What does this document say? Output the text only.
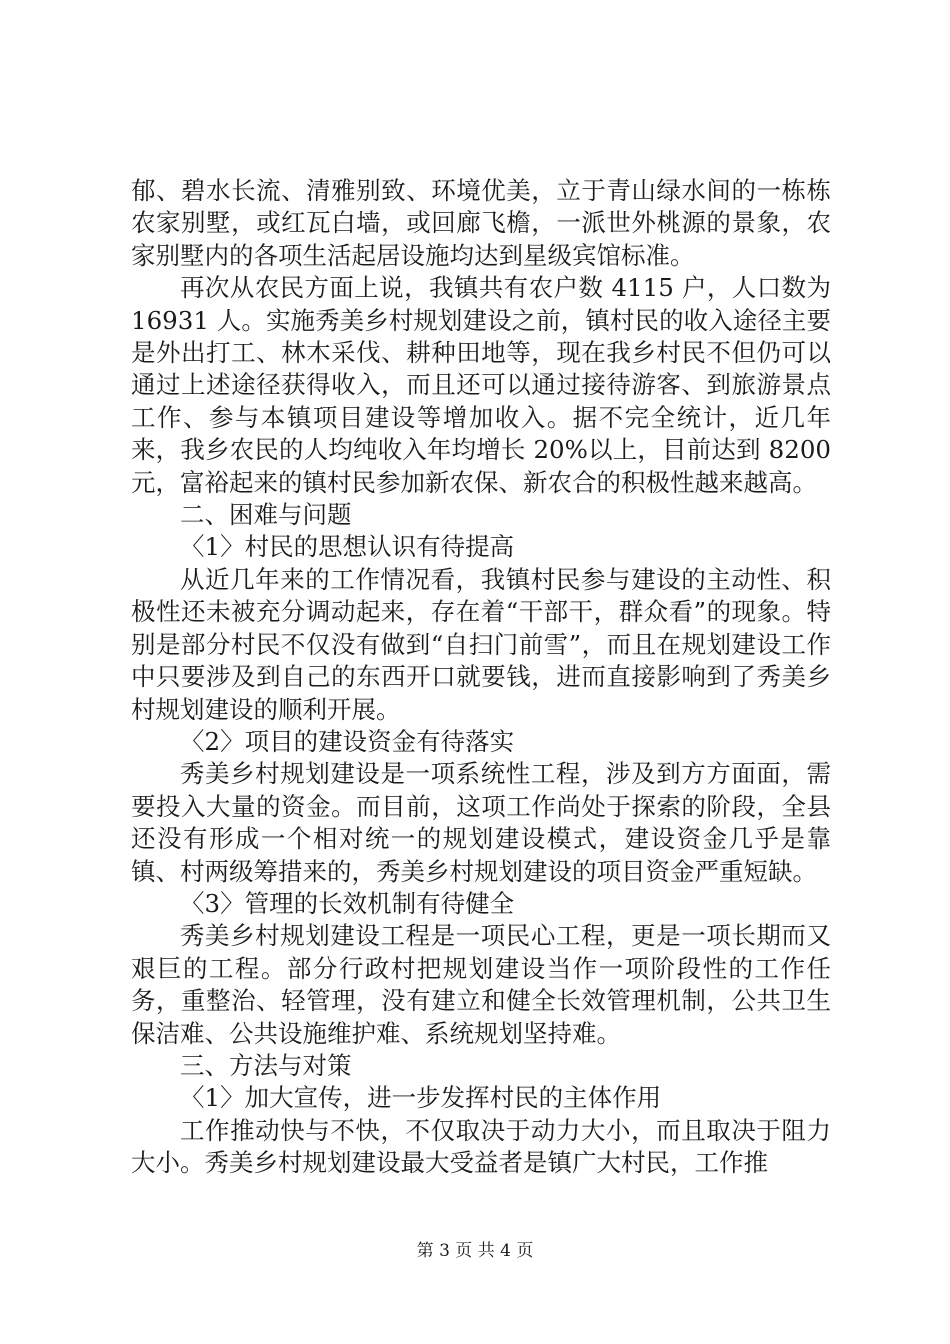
郁、碧水长流、清雅别致、环境优美，立于青山绿水间的一栋栋农家别墅，或红瓦白墙，或回廊飞檐，一派世外桃源的景象，农家别墅内的各项生活起居设施均达到星级宾馆标准。

再次从农民方面上说，我镇共有农户数 4115 户，人口数为 16931 人。实施秀美乡村规划建设之前，镇村民的收入途径主要是外出打工、林木采伐、耕种田地等，现在我乡村民不但仍可以通过上述途径获得收入，而且还可以通过接待游客、到旅游景点工作、参与本镇项目建设等增加收入。据不完全统计，近几年来，我乡农民的人均纯收入年均增长 20%以上，目前达到 8200 元，富裕起来的镇村民参加新农保、新农合的积极性越来越高。

二、困难与问题

〈1〉村民的思想认识有待提高

从近几年来的工作情况看，我镇村民参与建设的主动性、积极性还未被充分调动起来，存在着“干部干，群众看”的现象。特别是部分村民不仅没有做到“自扫门前雪”，而且在规划建设工作中只要涉及到自己的东西开口就要钱，进而直接影响到了秀美乡村规划建设的顺利开展。

〈2〉项目的建设资金有待落实

秀美乡村规划建设是一项系统性工程，涉及到方方面面，需要投入大量的资金。而目前，这项工作尚处于探索的阶段，全县还没有形成一个相对统一的规划建设模式，建设资金几乎是靠镇、村两级筹措来的，秀美乡村规划建设的项目资金严重短缺。

〈3〉管理的长效机制有待健全

秀美乡村规划建设工程是一项民心工程，更是一项长期而又艰巨的工程。部分行政村把规划建设当作一项阶段性的工作任务，重整治、轻管理，没有建立和健全长效管理机制，公共卫生保洁难、公共设施维护难、系统规划坚持难。

三、方法与对策

〈1〉加大宣传，进一步发挥村民的主体作用

工作推动快与不快，不仅取决于动力大小，而且取决于阻力大小。秀美乡村规划建设最大受益者是镇广大村民，工作推

第 3 页 共 4 页
